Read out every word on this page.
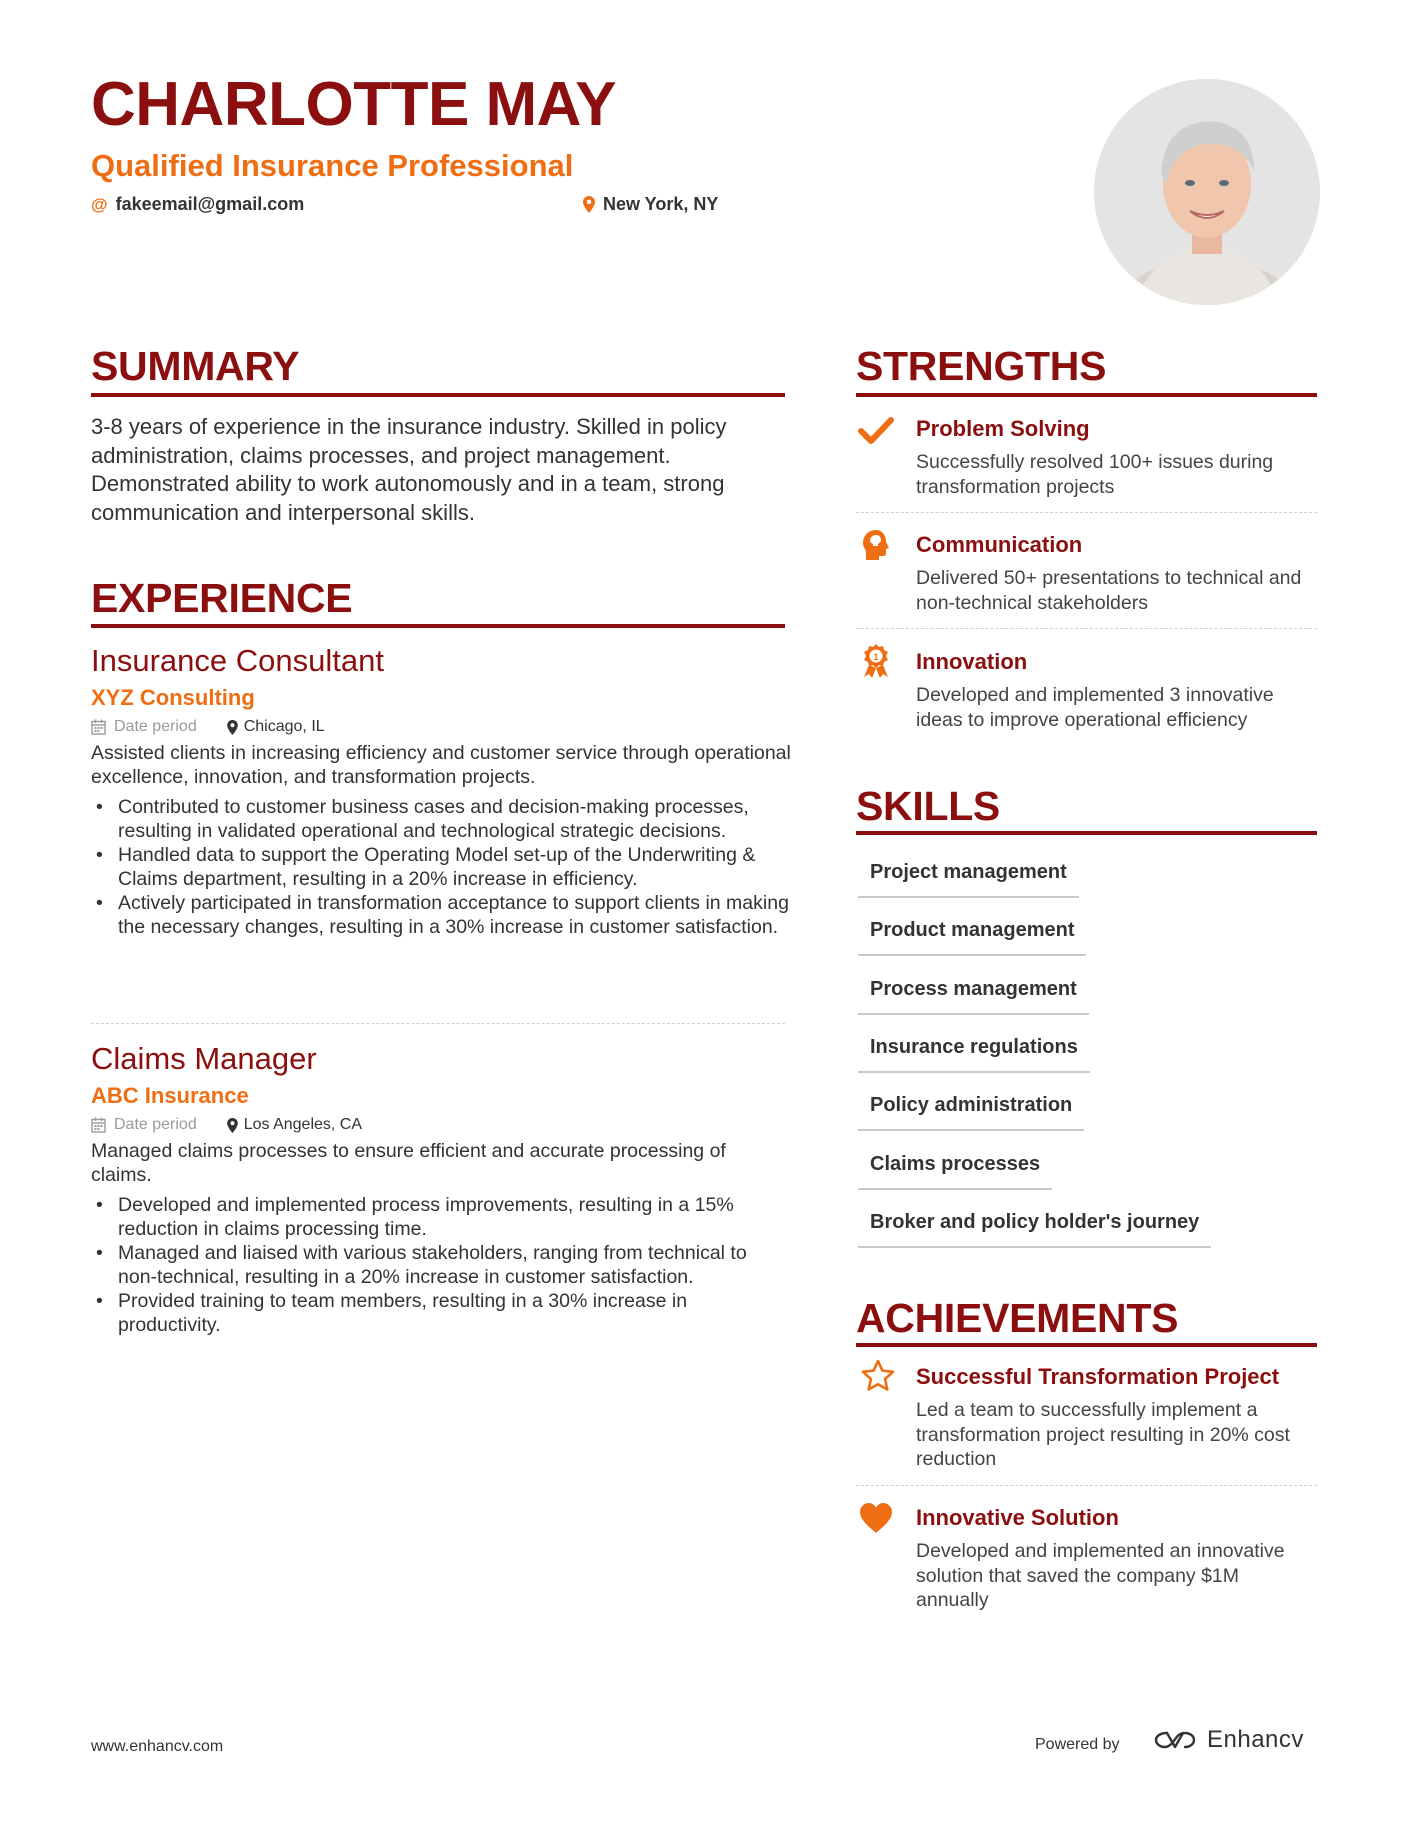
CHARLOTTE MAY
Qualified Insurance Professional
@ fakeemail@gmail.com	New York, NY
SUMMARY
3-8 years of experience in the insurance industry. Skilled in policy administration, claims processes, and project management. Demonstrated ability to work autonomously and in a team, strong communication and interpersonal skills.
EXPERIENCE
Insurance Consultant
XYZ Consulting
Date period	Chicago, IL
Assisted clients in increasing efficiency and customer service through operational excellence, innovation, and transformation projects.
• Contributed to customer business cases and decision-making processes, resulting in validated operational and technological strategic decisions.
• Handled data to support the Operating Model set-up of the Underwriting & Claims department, resulting in a 20% increase in efficiency.
• Actively participated in transformation acceptance to support clients in making the necessary changes, resulting in a 30% increase in customer satisfaction.
Claims Manager
ABC Insurance
Date period	Los Angeles, CA
Managed claims processes to ensure efficient and accurate processing of claims.
• Developed and implemented process improvements, resulting in a 15% reduction in claims processing time.
• Managed and liaised with various stakeholders, ranging from technical to non-technical, resulting in a 20% increase in customer satisfaction.
• Provided training to team members, resulting in a 30% increase in productivity.
STRENGTHS
Problem Solving
Successfully resolved 100+ issues during transformation projects
Communication
Delivered 50+ presentations to technical and non-technical stakeholders
1 Innovation
Developed and implemented 3 innovative ideas to improve operational efficiency
SKILLS
Project management
Product management
Process management
Insurance regulations
Policy administration
Claims processes
Broker and policy holder's journey
ACHIEVEMENTS
Successful Transformation Project
Led a team to successfully implement a transformation project resulting in 20% cost reduction
Innovative Solution
Developed and implemented an innovative solution that saved the company $1M annually
www.enhancv.com	Powered by	Enhancv
